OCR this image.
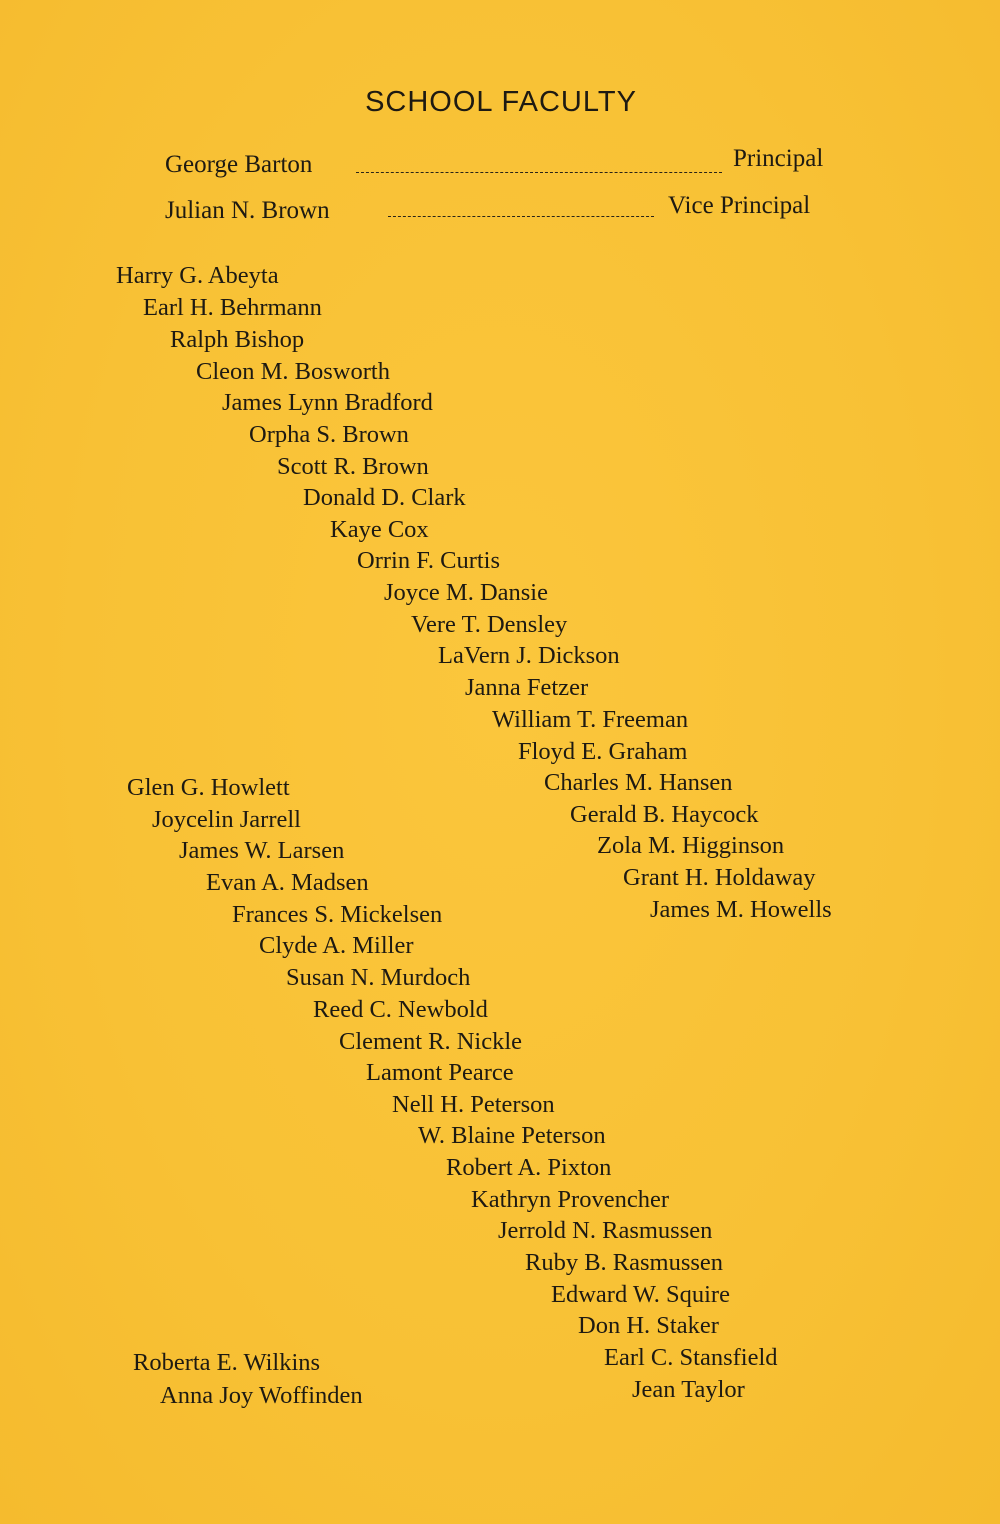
SCHOOL FACULTY
George Barton	Principal
Julian N. Brown	Vice Principal
Harry G. Abeyta
Earl H. Behrmann
Ralph Bishop
Cleon M. Bosworth
James Lynn Bradford
Orpha S. Brown
Scott R. Brown
Donald D. Clark
Kaye Cox
Orrin F. Curtis
Joyce M. Dansie
Vere T. Densley
LaVern J. Dickson
Janna Fetzer
William T. Freeman
Floyd E. Graham
Charles M. Hansen
Gerald B. Haycock
Zola M. Higginson
Grant H. Holdaway
James M. Howells
Glen G. Howlett
Joycelin Jarrell
James W. Larsen
Evan A. Madsen
Frances S. Mickelsen
Clyde A. Miller
Susan N. Murdoch
Reed C. Newbold
Clement R. Nickle
Lamont Pearce
Nell H. Peterson
W. Blaine Peterson
Robert A. Pixton
Kathryn Provencher
Jerrold N. Rasmussen
Ruby B. Rasmussen
Edward W. Squire
Don H. Staker
Earl C. Stansfield
Jean Taylor
Roberta E. Wilkins
Anna Joy Woffinden
